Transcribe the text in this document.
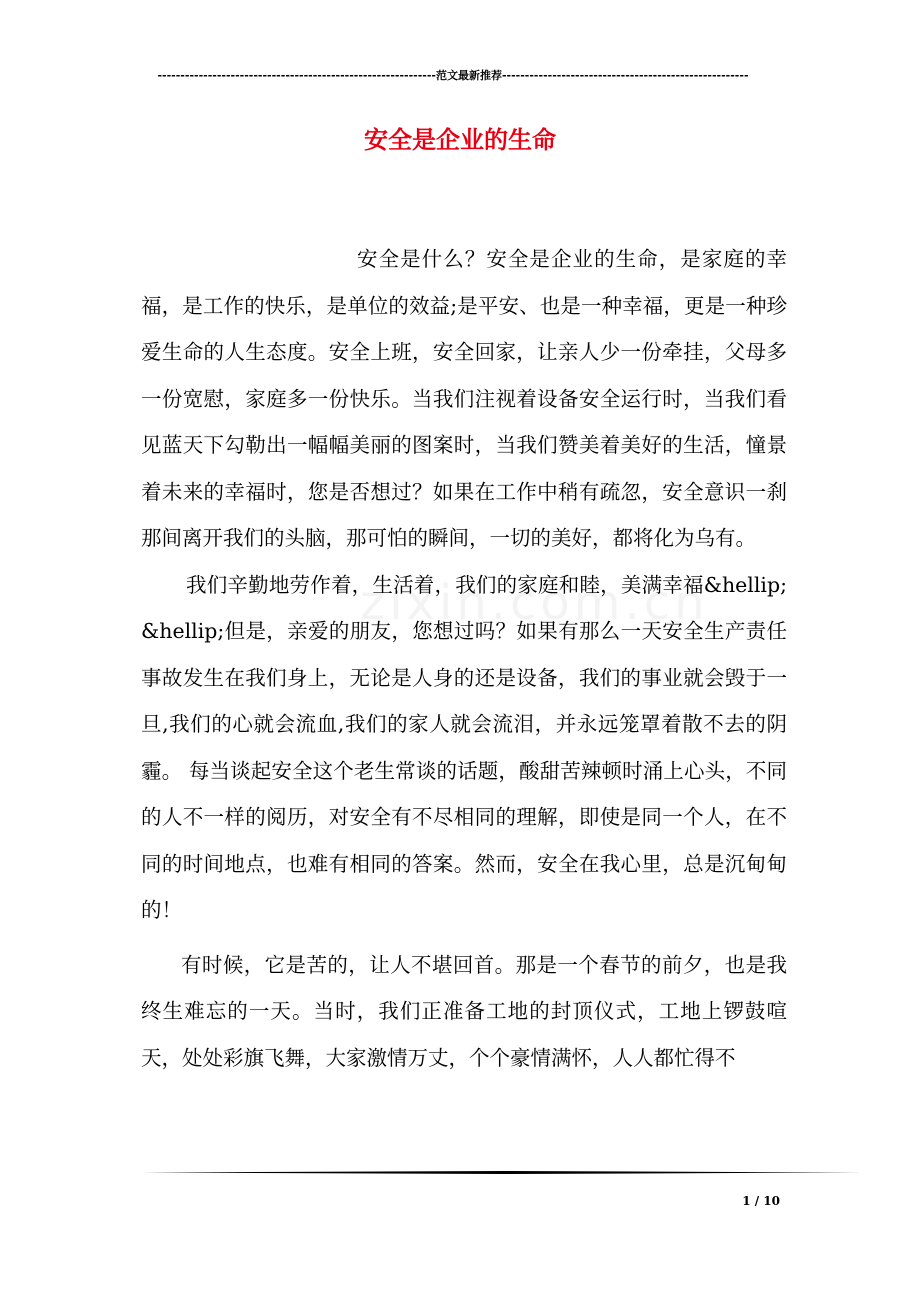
-------------------------------------------------------------范文最新推荐------------------------------------------------------
安全是企业的生命

安全是什么？安全是企业的生命，是家庭的幸福，是工作的快乐，是单位的效益;是平安、也是一种幸福，更是一种珍爱生命的人生态度。安全上班，安全回家，让亲人少一份牵挂，父母多一份宽慰，家庭多一份快乐。当我们注视着设备安全运行时，当我们看见蓝天下勾勒出一幅幅美丽的图案时，当我们赞美着美好的生活，憧景着未来的幸福时，您是否想过？如果在工作中稍有疏忽，安全意识一刹那间离开我们的头脑，那可怕的瞬间，一切的美好，都将化为乌有。

我们辛勤地劳作着，生活着，我们的家庭和睦，美满幸福&hellip;&hellip;但是，亲爱的朋友，您想过吗？如果有那么一天安全生产责任事故发生在我们身上，无论是人身的还是设备，我们的事业就会毁于一旦,我们的心就会流血,我们的家人就会流泪，并永远笼罩着散不去的阴霾。 每当谈起安全这个老生常谈的话题，酸甜苦辣顿时涌上心头，不同的人不一样的阅历，对安全有不尽相同的理解，即使是同一个人，在不同的时间地点，也难有相同的答案。然而，安全在我心里，总是沉甸甸的！

有时候，它是苦的，让人不堪回首。那是一个春节的前夕，也是我终生难忘的一天。当时，我们正准备工地的封顶仪式，工地上锣鼓喧天，处处彩旗飞舞，大家激情万丈，个个豪情满怀，人人都忙得不

1 / 10
